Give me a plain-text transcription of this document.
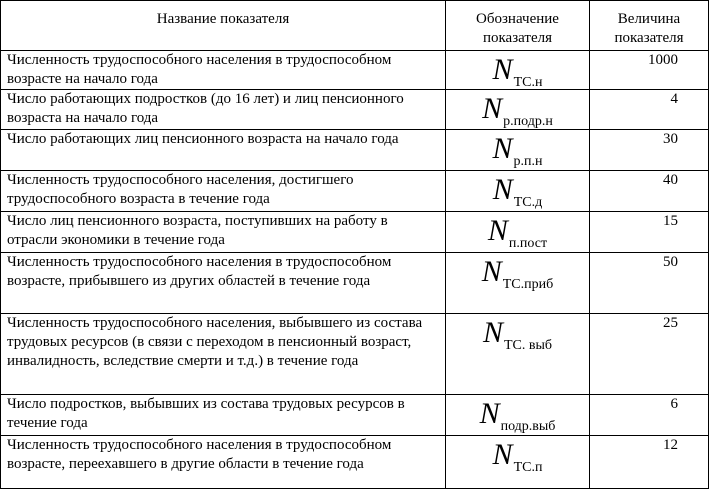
Название показателя	Обозначение показателя	Величина показателя
Численность трудоспособного населения в трудоспособном возрасте на начало года	NТС.н	1000
Число работающих подростков (до 16 лет) и лиц пенсионного возраста на начало года	Nр.подр.н	4
Число работающих лиц пенсионного возраста на начало года	Nр.п.н	30
Численность трудоспособного населения, достигшего трудоспособного возраста в течение года	NТС.д	40
Число лиц пенсионного возраста, поступивших на работу в отрасли экономики в течение года	Nп.пост	15
Численность трудоспособного населения в трудоспособном возрасте, прибывшего из других областей в течение года	NТС.приб	50
Численность трудоспособного населения, выбывшего из состава трудовых ресурсов (в связи с переходом в пенсионный возраст, инвалидность, вследствие смерти и т.д.) в течение года	NТС. выб	25
Число подростков, выбывших из состава трудовых ресурсов в течение года	Nподр.выб	6
Численность трудоспособного населения в трудоспособном возрасте, переехавшего в другие области в течение года	NТС.п	12
